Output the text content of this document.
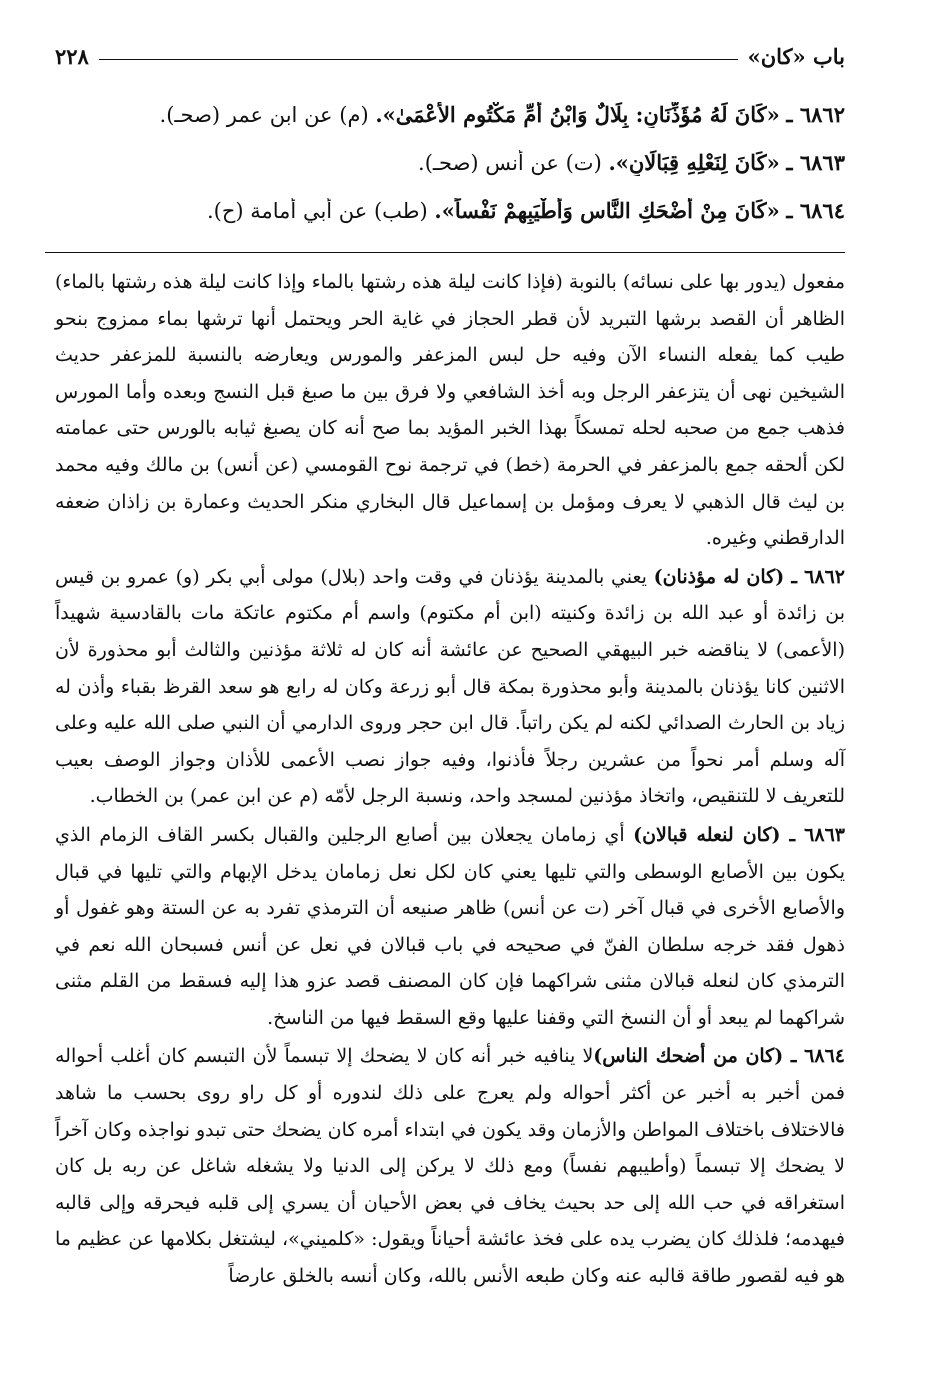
باب «كان»
٢٢٨
٦٨٦٢ ـ «كَانَ لَهُ مُؤَذِّنَانِ: بِلَالٌ وَابْنُ أُمِّ مَكْتُومٍ الأَعْمَىٰ». (م) عن ابن عمر (صحـ).
٦٨٦٣ ـ «كَانَ لِنَعْلِهِ قِبَالَانِ». (ت) عن أنس (صحـ).
٦٨٦٤ ـ «كَانَ مِنْ أَضْحَكِ النَّاسِ وَأَطْيَبِهِمْ نَفْساً». (طب) عن أبي أمامة (ح).

مفعول (يدور بها على نسائه) بالنوبة (فإذا كانت ليلة هذه رشتها بالماء وإذا كانت ليلة هذه رشتها بالماء) الظاهر أن القصد برشها التبريد لأن قطر الحجاز في غاية الحر ويحتمل أنها ترشها بماء ممزوج بنحو طيب كما يفعله النساء الآن وفيه حل لبس المزعفر والمورس ويعارضه بالنسبة للمزعفر حديث الشيخين نهى أن يتزعفر الرجل وبه أخذ الشافعي ولا فرق بين ما صبغ قبل النسج وبعده وأما المورس فذهب جمع من صحبه لحله تمسكاً بهذا الخبر المؤيد بما صح أنه كان يصبغ ثيابه بالورس حتى عمامته لكن ألحقه جمع بالمزعفر في الحرمة (خط) في ترجمة نوح القومسي (عن أنس) بن مالك وفيه محمد بن ليث قال الذهبي لا يعرف ومؤمل بن إسماعيل قال البخاري منكر الحديث وعمارة بن زاذان ضعفه الدارقطني وغيره.

٦٨٦٢ ـ (كان له مؤذنان) يعني بالمدينة يؤذنان في وقت واحد (بلال) مولى أبي بكر (و) عمرو بن قيس بن زائدة أو عبد الله بن زائدة وكنيته (ابن أم مكتوم) واسم أم مكتوم عاتكة مات بالقادسية شهيداً (الأعمى) لا يناقضه خبر البيهقي الصحيح عن عائشة أنه كان له ثلاثة مؤذنين والثالث أبو محذورة لأن الاثنين كانا يؤذنان بالمدينة وأبو محذورة بمكة قال أبو زرعة وكان له رابع هو سعد القرظ بقباء وأذن له زياد بن الحارث الصدائي لكنه لم يكن راتباً. قال ابن حجر وروى الدارمي أن النبي صلى الله عليه وعلى آله وسلم أمر نحواً من عشرين رجلاً فأذنوا، وفيه جواز نصب الأعمى للأذان وجواز الوصف بعيب للتعريف لا للتنقيص، واتخاذ مؤذنين لمسجد واحد، ونسبة الرجل لأمّه (م عن ابن عمر) بن الخطاب.

٦٨٦٣ ـ (كان لنعله قبالان) أي زمامان يجعلان بين أصابع الرجلين والقبال بكسر القاف الزمام الذي يكون بين الأصابع الوسطى والتي تليها يعني كان لكل نعل زمامان يدخل الإبهام والتي تليها في قبال والأصابع الأخرى في قبال آخر (ت عن أنس) ظاهر صنيعه أن الترمذي تفرد به عن الستة وهو غفول أو ذهول فقد خرجه سلطان الفنّ في صحيحه في باب قبالان في نعل عن أنس فسبحان الله نعم في الترمذي كان لنعله قبالان مثنى شراكهما فإن كان المصنف قصد عزو هذا إليه فسقط من القلم مثنى شراكهما لم يبعد أو أن النسخ التي وقفنا عليها وقع السقط فيها من الناسخ.

٦٨٦٤ ـ (كان من أضحك الناس)لا ينافيه خبر أنه كان لا يضحك إلا تبسماً لأن التبسم كان أغلب أحواله فمن أخبر به أخبر عن أكثر أحواله ولم يعرج على ذلك لندوره أو كل راو روى بحسب ما شاهد فالاختلاف باختلاف المواطن والأزمان وقد يكون في ابتداء أمره كان يضحك حتى تبدو نواجذه وكان آخراً لا يضحك إلا تبسماً (وأطيبهم نفساً) ومع ذلك لا يركن إلى الدنيا ولا يشغله شاغل عن ربه بل كان استغراقه في حب الله إلى حد بحيث يخاف في بعض الأحيان أن يسري إلى قلبه فيحرقه وإلى قالبه فيهدمه؛ فلذلك كان يضرب يده على فخذ عائشة أحياناً ويقول: «كلميني»، ليشتغل بكلامها عن عظيم ما هو فيه لقصور طاقة قالبه عنه وكان طبعه الأنس بالله، وكان أنسه بالخلق عارضاً
